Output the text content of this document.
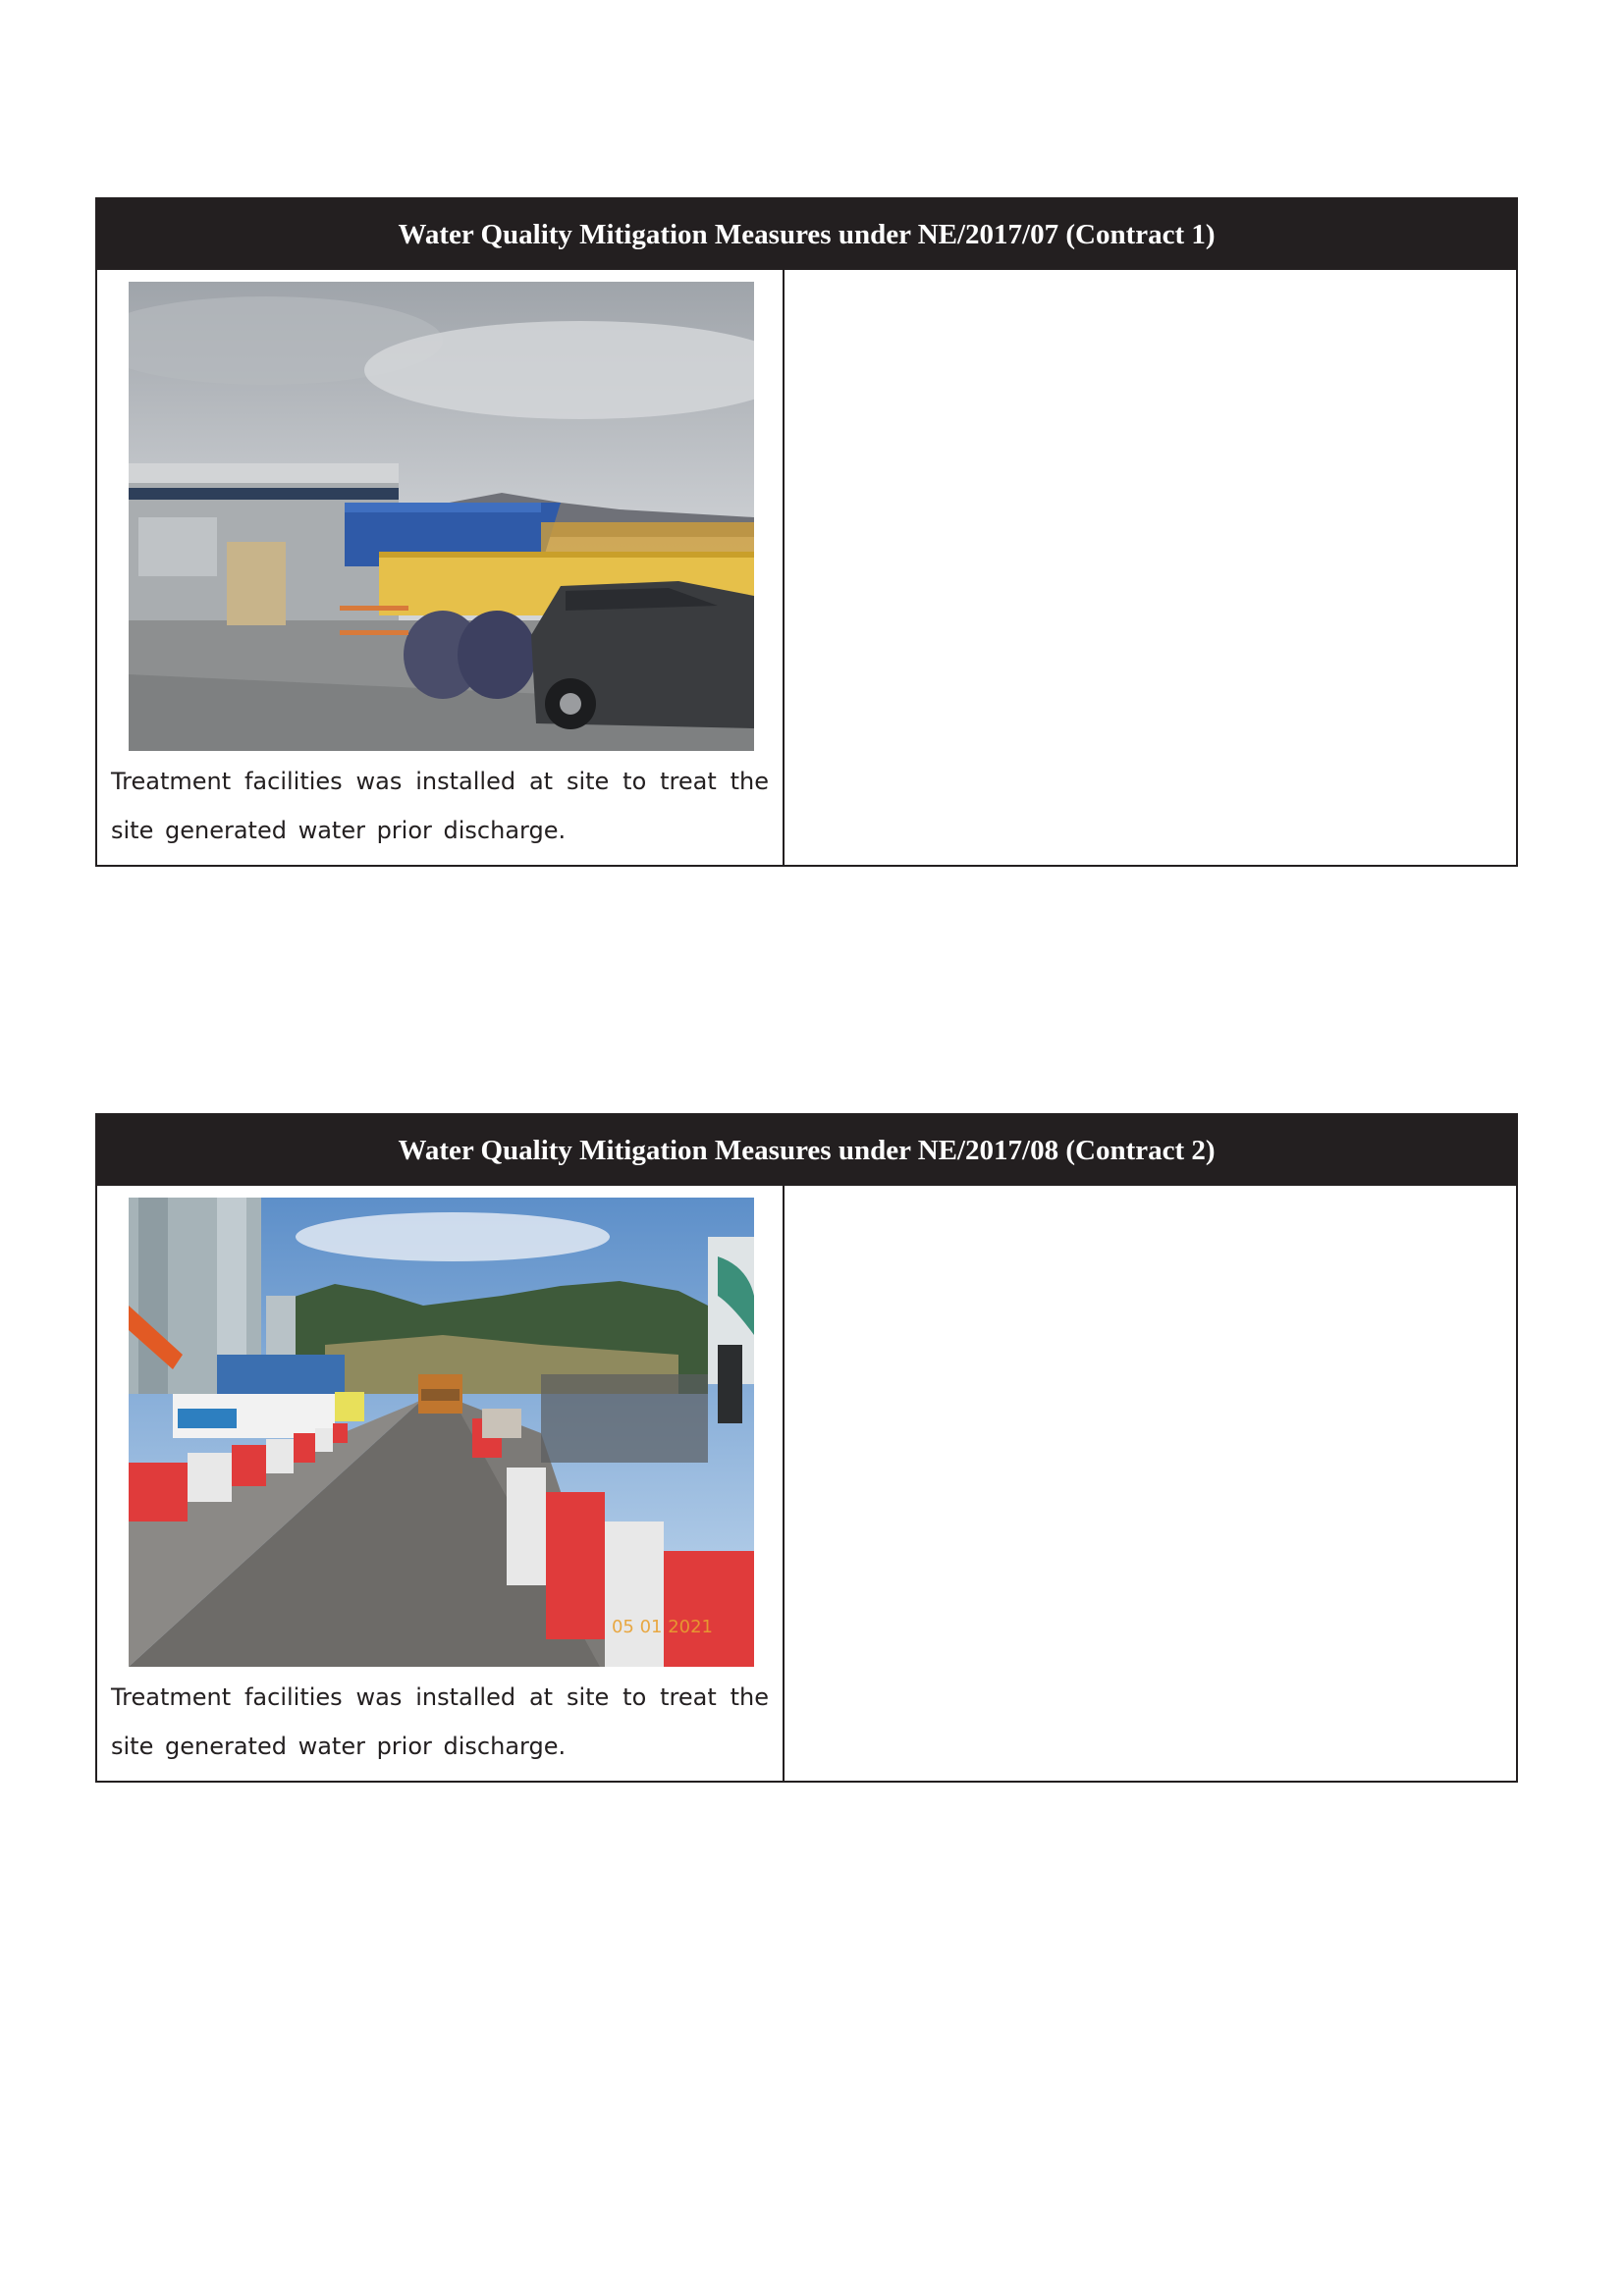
Water Quality Mitigation Measures under NE/2017/07 (Contract 1)
Treatment facilities was installed at site to treat the site generated water prior discharge.
Water Quality Mitigation Measures under NE/2017/08 (Contract 2)
05 01 2021
Treatment facilities was installed at site to treat the site generated water prior discharge.
